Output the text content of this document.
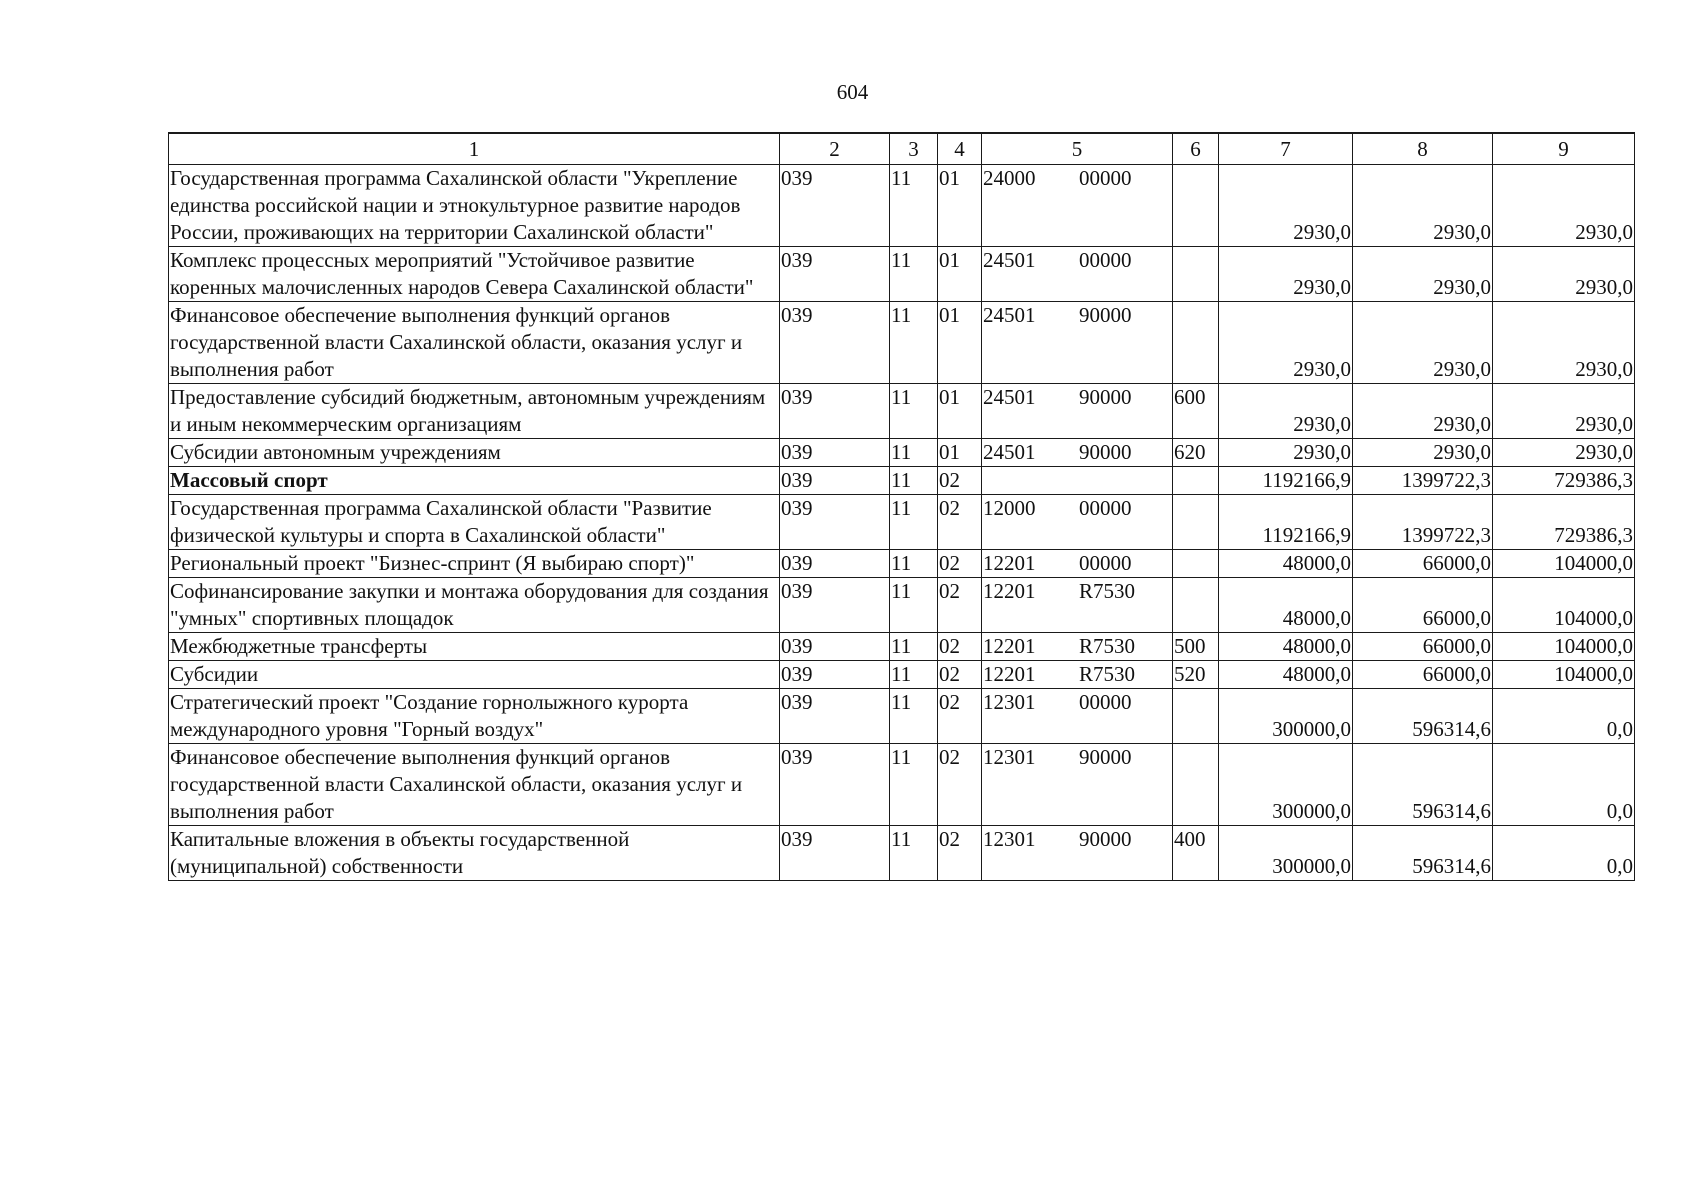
604
1	2	3	4	5	6	7	8	9
Государственная программа Сахалинской области "Укрепление единства российской нации и этнокультурное развитие народов России, проживающих на территории Сахалинской области"	039	11	01	24000 00000		2930,0	2930,0	2930,0
Комплекс процессных мероприятий "Устойчивое развитие коренных малочисленных народов Севера Сахалинской области"	039	11	01	24501 00000		2930,0	2930,0	2930,0
Финансовое обеспечение выполнения функций органов государственной власти Сахалинской области, оказания услуг и выполнения работ	039	11	01	24501 90000		2930,0	2930,0	2930,0
Предоставление субсидий бюджетным, автономным учреждениям и иным некоммерческим организациям	039	11	01	24501 90000	600	2930,0	2930,0	2930,0
Субсидии автономным учреждениям	039	11	01	24501 90000	620	2930,0	2930,0	2930,0
Массовый спорт	039	11	02			1192166,9	1399722,3	729386,3
Государственная программа Сахалинской области "Развитие физической культуры и спорта в Сахалинской области"	039	11	02	12000 00000		1192166,9	1399722,3	729386,3
Региональный проект "Бизнес-спринт (Я выбираю спорт)"	039	11	02	12201 00000		48000,0	66000,0	104000,0
Софинансирование закупки и монтажа оборудования для создания "умных" спортивных площадок	039	11	02	12201 R7530		48000,0	66000,0	104000,0
Межбюджетные трансферты	039	11	02	12201 R7530	500	48000,0	66000,0	104000,0
Субсидии	039	11	02	12201 R7530	520	48000,0	66000,0	104000,0
Стратегический проект "Создание горнолыжного курорта международного уровня "Горный воздух"	039	11	02	12301 00000		300000,0	596314,6	0,0
Финансовое обеспечение выполнения функций органов государственной власти Сахалинской области, оказания услуг и выполнения работ	039	11	02	12301 90000		300000,0	596314,6	0,0
Капитальные вложения в объекты государственной (муниципальной) собственности	039	11	02	12301 90000	400	300000,0	596314,6	0,0
